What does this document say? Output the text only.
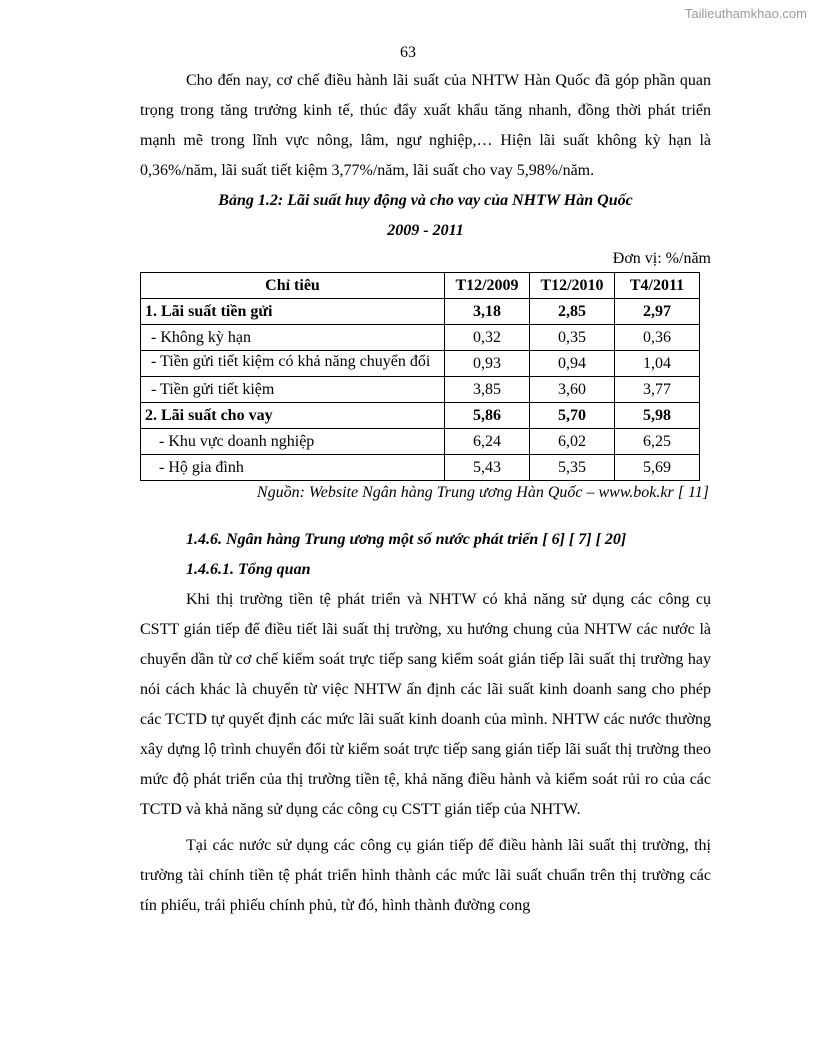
Tailieuthamkhao.com
63

Cho đến nay, cơ chế điều hành lãi suất của NHTW Hàn Quốc đã góp phần quan trọng trong tăng trưởng kinh tế, thúc đẩy xuất khẩu tăng nhanh, đồng thời phát triển mạnh mẽ trong lĩnh vực nông, lâm, ngư nghiệp,… Hiện lãi suất không kỳ hạn là 0,36%/năm, lãi suất tiết kiệm 3,77%/năm, lãi suất cho vay 5,98%/năm.

Bảng 1.2: Lãi suất huy động và cho vay của NHTW Hàn Quốc

2009 - 2011

Đơn vị: %/năm

Chỉ tiêu	T12/2009	T12/2010	T4/2011
1. Lãi suất tiền gửi	3,18	2,85	2,97
- Không kỳ hạn	0,32	0,35	0,36
- Tiền gửi tiết kiệm có khả năng chuyển đổi	0,93	0,94	1,04
- Tiền gửi tiết kiệm	3,85	3,60	3,77
2. Lãi suất cho vay	5,86	5,70	5,98
- Khu vực doanh nghiệp	6,24	6,02	6,25
- Hộ gia đình	5,43	5,35	5,69

Nguồn: Website Ngân hàng Trung ương Hàn Quốc – www.bok.kr [ 11]

1.4.6. Ngân hàng Trung ương một số nước phát triển [ 6] [ 7] [ 20]

1.4.6.1. Tổng quan

Khi thị trường tiền tệ phát triển và NHTW có khả năng sử dụng các công cụ CSTT gián tiếp để điều tiết lãi suất thị trường, xu hướng chung của NHTW các nước là chuyển dần từ cơ chế kiểm soát trực tiếp sang kiểm soát gián tiếp lãi suất thị trường hay nói cách khác là chuyển từ việc NHTW ấn định các lãi suất kinh doanh sang cho phép các TCTD tự quyết định các mức lãi suất kinh doanh của mình. NHTW các nước thường xây dựng lộ trình chuyển đổi từ kiểm soát trực tiếp sang gián tiếp lãi suất thị trường theo mức độ phát triển của thị trường tiền tệ, khả năng điều hành và kiểm soát rủi ro của các TCTD và khả năng sử dụng các công cụ CSTT gián tiếp của NHTW.

Tại các nước sử dụng các công cụ gián tiếp để điều hành lãi suất thị trường, thị trường tài chính tiền tệ phát triển hình thành các mức lãi suất chuẩn trên thị trường các tín phiếu, trái phiếu chính phủ, từ đó, hình thành đường cong
